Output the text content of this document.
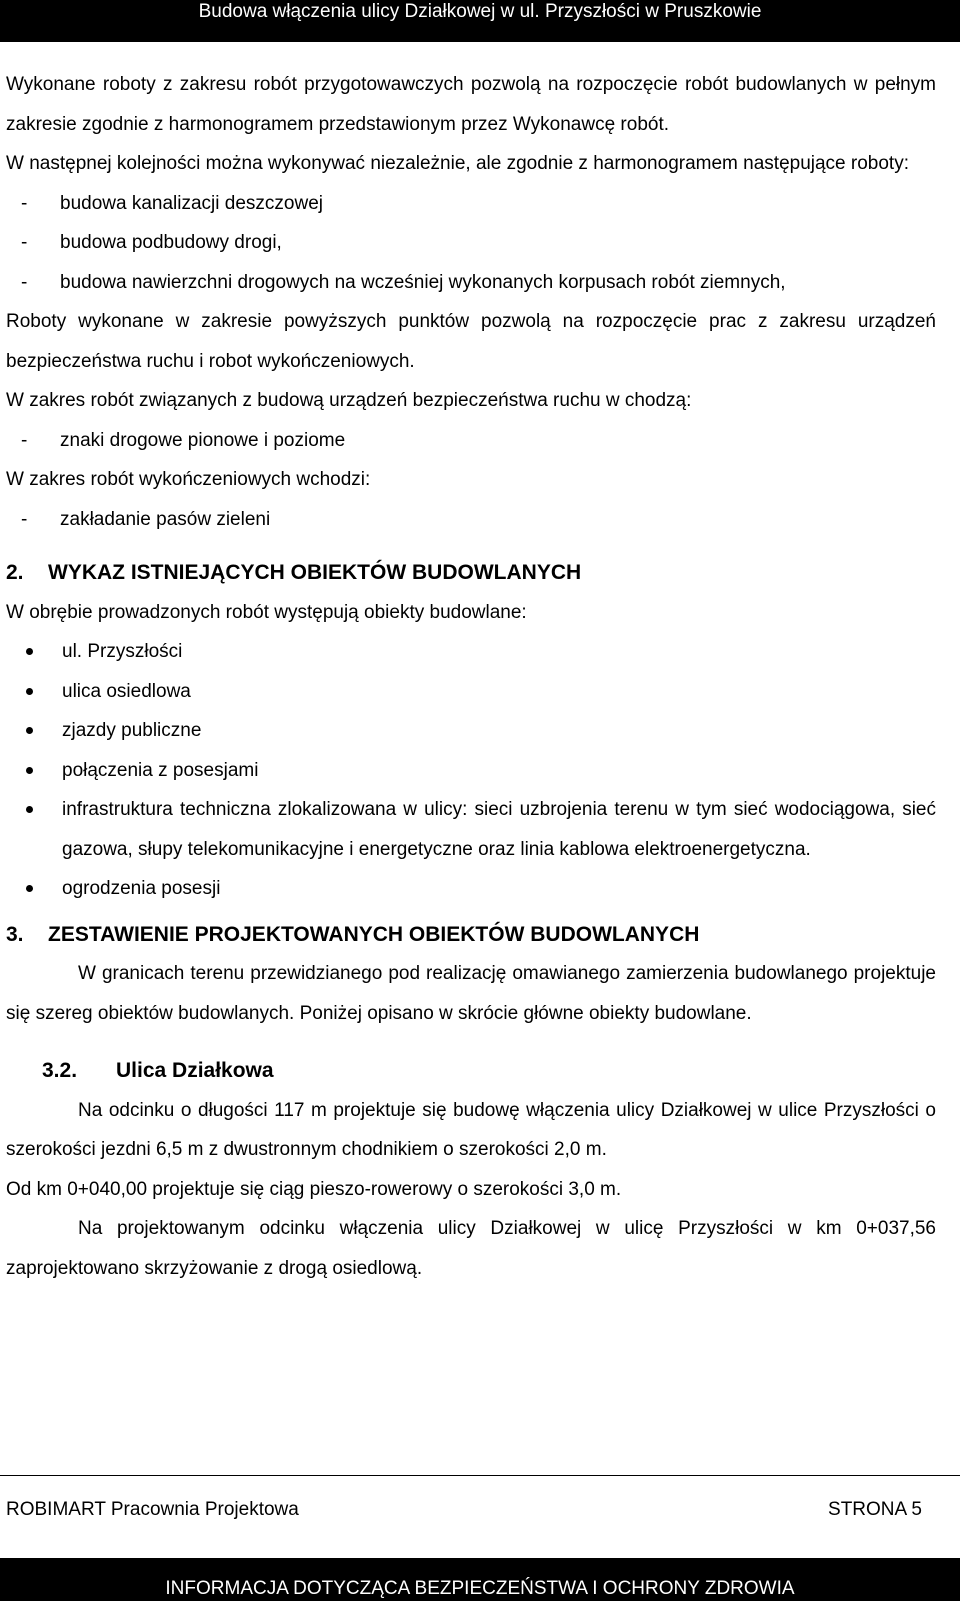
Budowa włączenia ulicy Działkowej w ul. Przyszłości w Pruszkowie

Wykonane roboty z zakresu robót przygotowawczych pozwolą na rozpoczęcie robót budowlanych w pełnym zakresie zgodnie z harmonogramem przedstawionym przez Wykonawcę robót.

W następnej kolejności można wykonywać niezależnie, ale zgodnie z harmonogramem następujące roboty:

- budowa kanalizacji deszczowej
- budowa podbudowy drogi,
- budowa nawierzchni drogowych na wcześniej wykonanych korpusach robót ziemnych,

Roboty wykonane w zakresie powyższych punktów pozwolą na rozpoczęcie prac z zakresu urządzeń bezpieczeństwa ruchu i robot wykończeniowych.

W zakres robót związanych z budową urządzeń bezpieczeństwa ruchu w chodzą:

- znaki drogowe pionowe i poziome

W zakres robót wykończeniowych wchodzi:

- zakładanie pasów zieleni
2. WYKAZ ISTNIEJĄCYCH OBIEKTÓW BUDOWLANYCH

W obrębie prowadzonych robót występują obiekty budowlane:

ul. Przyszłości
ulica osiedlowa
zjazdy publiczne
połączenia z posesjami
infrastruktura techniczna zlokalizowana w ulicy: sieci uzbrojenia terenu w tym sieć wodociągowa, sieć gazowa, słupy telekomunikacyjne i energetyczne oraz linia kablowa elektroenergetyczna.
ogrodzenia posesji
3. ZESTAWIENIE PROJEKTOWANYCH OBIEKTÓW BUDOWLANYCH

W granicach terenu przewidzianego pod realizację omawianego zamierzenia budowlanego projektuje się szereg obiektów budowlanych. Poniżej opisano w skrócie główne obiekty budowlane.

3.2. Ulica Działkowa

Na odcinku o długości 117 m projektuje się budowę włączenia ulicy Działkowej w ulice Przyszłości o szerokości jezdni 6,5 m z dwustronnym chodnikiem o szerokości 2,0 m.

Od km 0+040,00 projektuje się ciąg pieszo-rowerowy o szerokości 3,0 m.

Na projektowanym odcinku włączenia ulicy Działkowej w ulicę Przyszłości w km 0+037,56 zaprojektowano skrzyżowanie z drogą osiedlową.

ROBIMART Pracownia Projektowa	STRONA 5
INFORMACJA DOTYCZĄCA BEZPIECZEŃSTWA I OCHRONY ZDROWIA
